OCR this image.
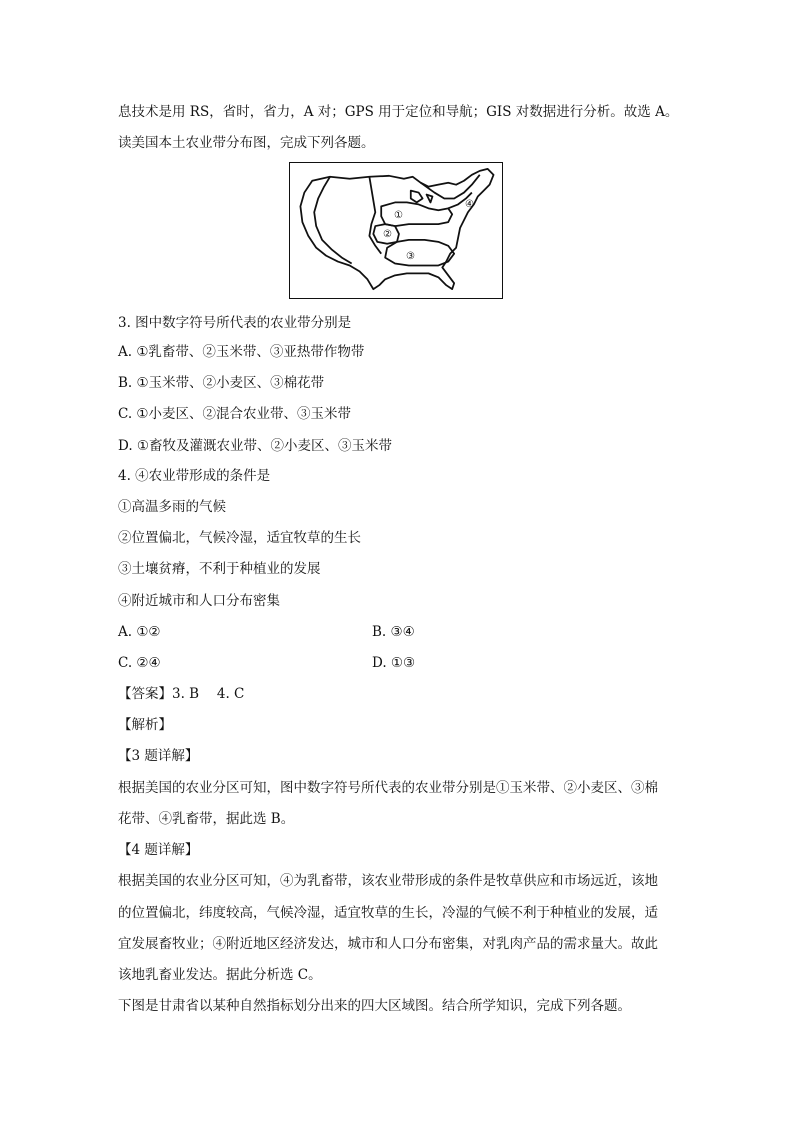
息技术是用 RS，省时，省力，A 对；GPS 用于定位和导航；GIS 对数据进行分析。故选 A。
读美国本土农业带分布图，完成下列各题。
①
②
③
④
3. 图中数字符号所代表的农业带分别是
A. ①乳畜带、②玉米带、③亚热带作物带
B. ①玉米带、②小麦区、③棉花带
C. ①小麦区、②混合农业带、③玉米带
D. ①畜牧及灌溉农业带、②小麦区、③玉米带
4. ④农业带形成的条件是
①高温多雨的气候
②位置偏北，气候冷湿，适宜牧草的生长
③土壤贫瘠，不利于种植业的发展
④附近城市和人口分布密集
A. ①②	B. ③④
C. ②④	D. ①③
【答案】3. B　 4. C
【解析】
【3 题详解】
根据美国的农业分区可知，图中数字符号所代表的农业带分别是①玉米带、②小麦区、③棉
花带、④乳畜带，据此选 B。
【4 题详解】
根据美国的农业分区可知，④为乳畜带，该农业带形成的条件是牧草供应和市场远近，该地
的位置偏北，纬度较高，气候冷湿，适宜牧草的生长，冷湿的气候不利于种植业的发展，适
宜发展畜牧业；④附近地区经济发达，城市和人口分布密集，对乳肉产品的需求量大。故此
该地乳畜业发达。据此分析选 C。
下图是甘肃省以某种自然指标划分出来的四大区域图。结合所学知识，完成下列各题。
